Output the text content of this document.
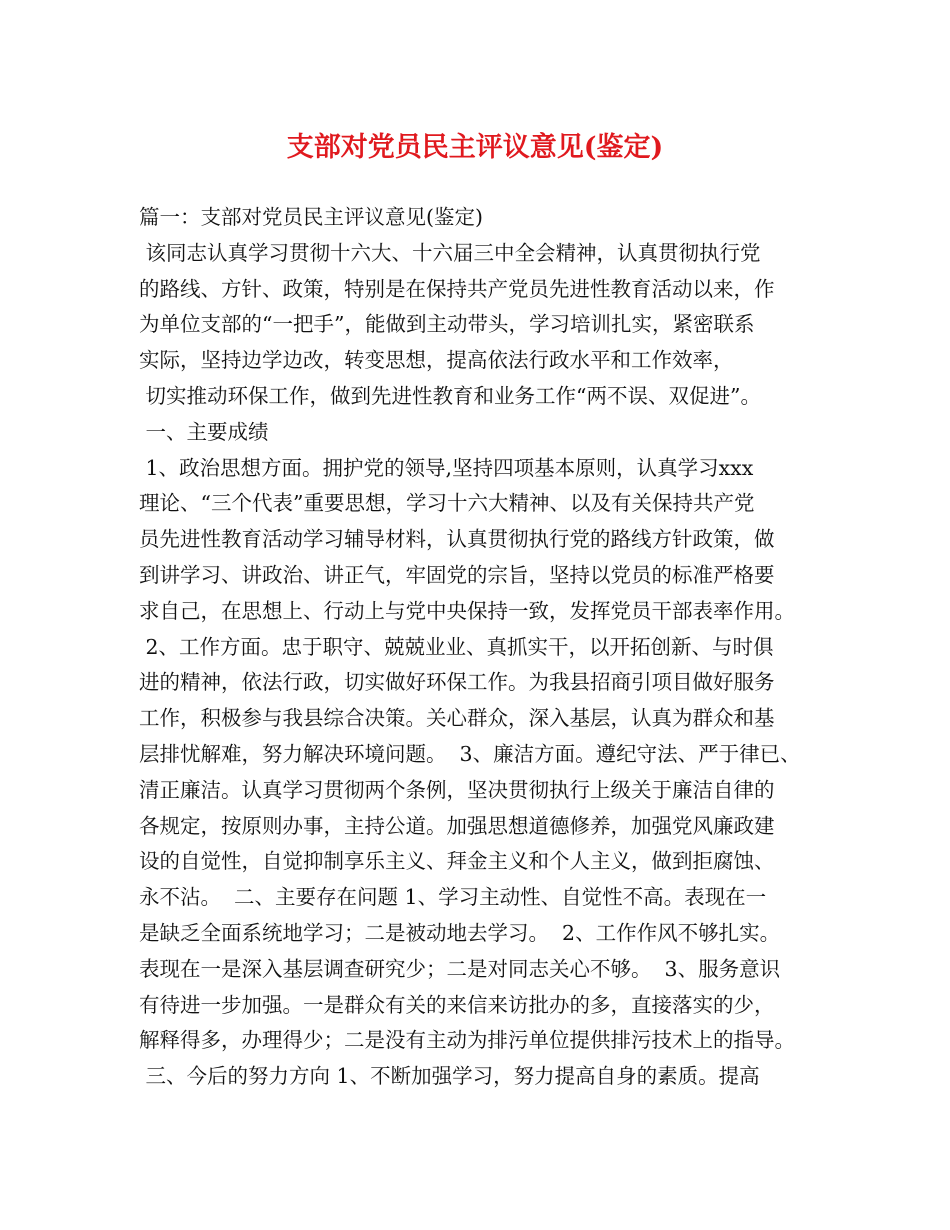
支部对党员民主评议意见(鉴定)

篇一：支部对党员民主评议意见(鉴定)

该同志认真学习贯彻十六大、十六届三中全会精神，认真贯彻执行党

的路线、方针、政策，特别是在保持共产党员先进性教育活动以来，作

为单位支部的“一把手”，能做到主动带头，学习培训扎实，紧密联系

实际，坚持边学边改，转变思想，提高依法行政水平和工作效率，

切实推动环保工作，做到先进性教育和业务工作“两不误、双促进”。

一、主要成绩

1、政治思想方面。拥护党的领导,坚持四项基本原则，认真学习xxx

理论、“三个代表”重要思想，学习十六大精神、以及有关保持共产党

员先进性教育活动学习辅导材料，认真贯彻执行党的路线方针政策，做

到讲学习、讲政治、讲正气，牢固党的宗旨，坚持以党员的标准严格要

求自己，在思想上、行动上与党中央保持一致，发挥党员干部表率作用。

2、工作方面。忠于职守、兢兢业业、真抓实干，以开拓创新、与时俱

进的精神，依法行政，切实做好环保工作。为我县招商引项目做好服务

工作，积极参与我县综合决策。关心群众，深入基层，认真为群众和基

层排忧解难，努力解决环境问题。  3、廉洁方面。遵纪守法、严于律已、

清正廉洁。认真学习贯彻两个条例，坚决贯彻执行上级关于廉洁自律的

各规定，按原则办事，主持公道。加强思想道德修养，加强党风廉政建

设的自觉性，自觉抑制享乐主义、拜金主义和个人主义，做到拒腐蚀、

永不沾。  二、主要存在问题 1、学习主动性、自觉性不高。表现在一

是缺乏全面系统地学习；二是被动地去学习。  2、工作作风不够扎实。

表现在一是深入基层调查研究少；二是对同志关心不够。  3、服务意识

有待进一步加强。一是群众有关的来信来访批办的多，直接落实的少，

解释得多，办理得少；二是没有主动为排污单位提供排污技术上的指导。

三、今后的努力方向 1、不断加强学习，努力提高自身的素质。提高
